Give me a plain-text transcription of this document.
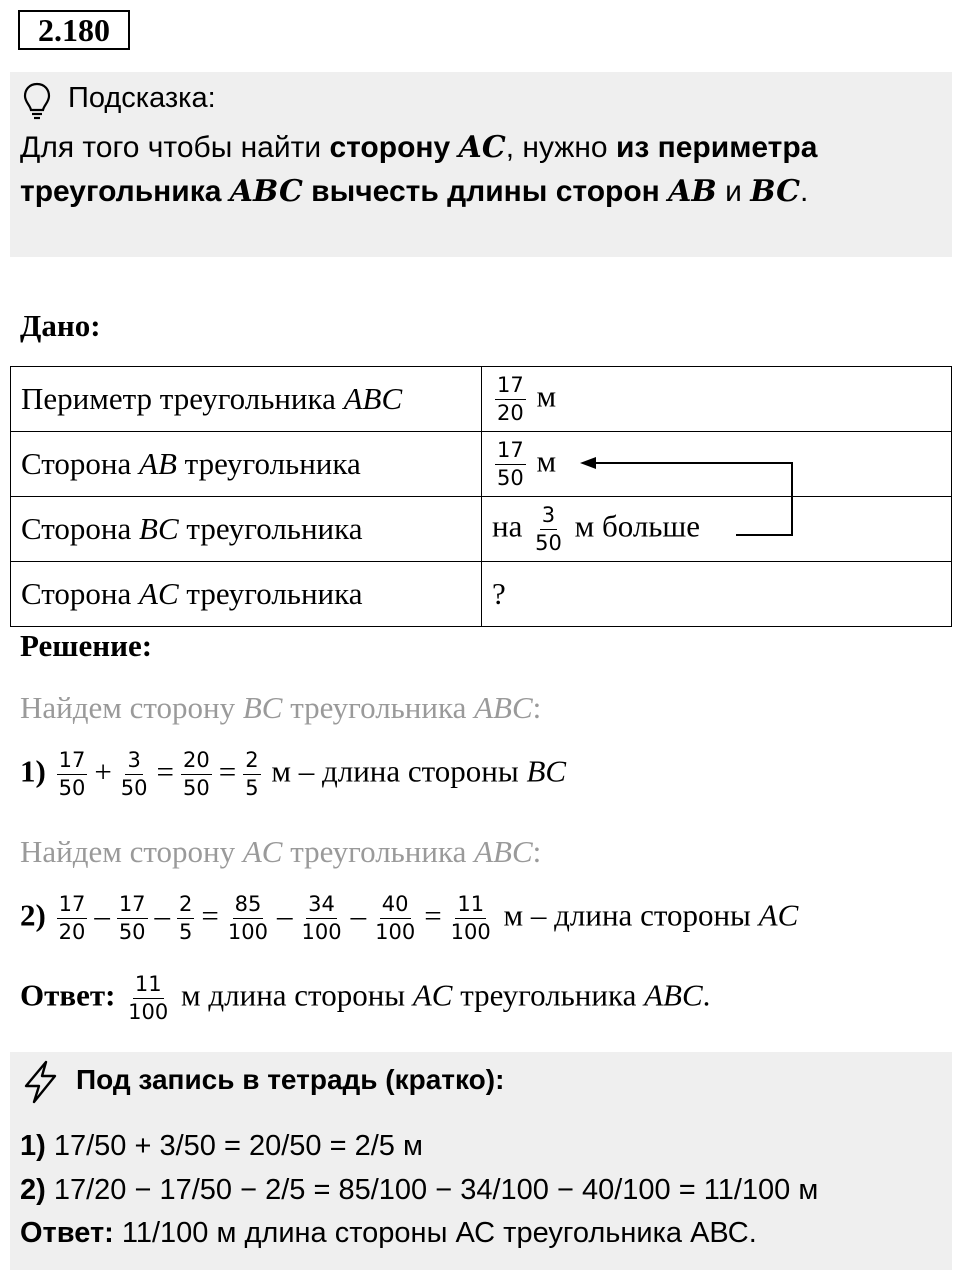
2.180
Подсказка:
Для того чтобы найти сторону AC, нужно из периметра
треугольника ABC вычесть длины сторон AB и BC.
Дано:
Периметр треугольника ABC	$\frac{17}{20}$ м
Сторона AB треугольника	$\frac{17}{50}$ м
Сторона BC треугольника	на $\frac{3}{50}$ м больше
Сторона AC треугольника	?
Решение:
Найдем сторону BC треугольника ABC:
$1) \frac{17}{50} + \frac{3}{50} = \frac{20}{50} = \frac{2}{5}$ м – длина стороны BC
Найдем сторону AC треугольника ABC:
$2) \frac{17}{20} - \frac{17}{50} - \frac{2}{5} = \frac{85}{100} - \frac{34}{100} - \frac{40}{100} = \frac{11}{100}$ м – длина стороны AC
Ответ: $\frac{11}{100}$ м длина стороны AC треугольника ABC.
Под запись в тетрадь (кратко):
1) 17/50 + 3/50 = 20/50 = 2/5 м
2) 17/20 − 17/50 − 2/5 = 85/100 − 34/100 − 40/100 = 11/100 м
Ответ: 11/100 м длина стороны АС треугольника АВС.
